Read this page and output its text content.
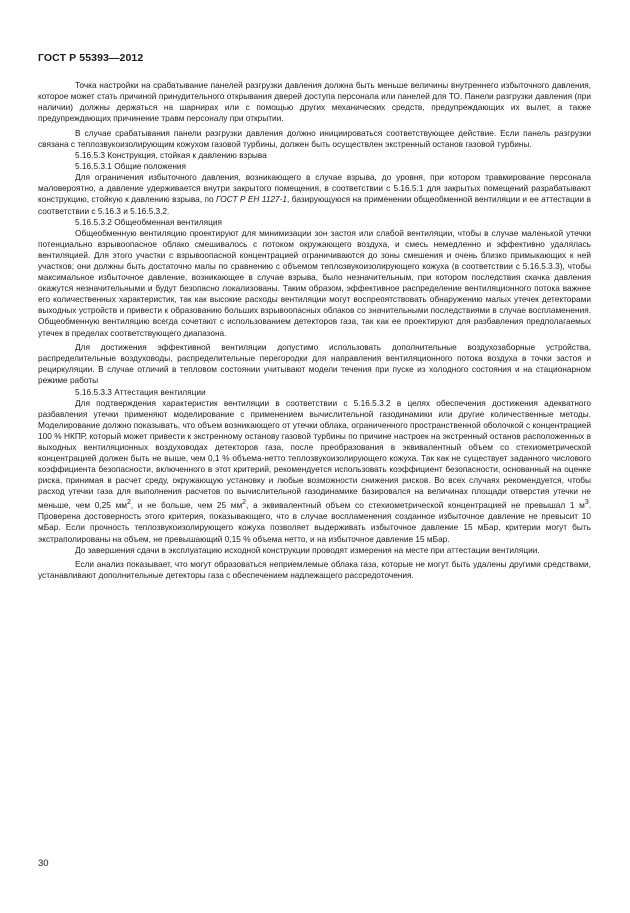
ГОСТ Р 55393—2012

Точка настройки на срабатывание панелей разгрузки давления должна быть меньше величины внутреннего избыточного давления, которое может стать причиной принудительного открывания дверей доступа персонала или панелей для ТО. Панели разгрузки давления (при наличии) должны держаться на шарнирах или с помощью других механических средств, предупреждающих их вылет, а также предупреждающих причинение травм персоналу при открытии.

В случае срабатывания панели разгрузки давления должно инициироваться соответствующее действие. Если панель разгрузки связана с теплозвукоизолирующим кожухом газовой турбины, должен быть осуществлен экстренный останов газовой турбины.

5.16.5.3 Конструкция, стойкая к давлению взрыва

5.16.5.3.1 Общие положения

Для ограничения избыточного давления, возникающего в случае взрыва, до уровня, при котором травмирование персонала маловероятно, а давление удерживается внутри закрытого помещения, в соответствии с 5.16.5.1 для закрытых помещений разрабатывают конструкцию, стойкую к давлению взрыва, по ГОСТ Р ЕН 1127-1, базирующуюся на применении общеобменной вентиляции и ее аттестации в соответствии с 5.16.3 и 5.16.5.3.2.

5.16.5.3.2 Общеобменная вентиляция

Общеобменную вентиляцию проектируют для минимизации зон застоя или слабой вентиляции, чтобы в случае маленькой утечки потенциально взрывоопасное облако смешивалось с потоком окружающего воздуха, и смесь немедленно и эффективно удалялась вентиляцией. Для этого участки с взрывоопасной концентрацией ограничиваются до зоны смешения и очень близко примыкающих к ней участков; они должны быть достаточно малы по сравнению с объемом теплозвукоизолирующего кожуха (в соответствии с 5.16.5.3.3), чтобы максимальное избыточное давление, возникающее в случае взрыва, было незначительным, при котором последствия скачка давления окажутся незначительными и будут безопасно локализованы. Таким образом, эффективное распределение вентиляционного потока важнее его количественных характеристик, так как высокие расходы вентиляции могут воспрепятствовать обнаружению малых утечек детекторами выходных устройств и привести к образованию больших взрывоопасных облаков со значительными последствиями в случае воспламенения. Общеобменную вентиляцию всегда сочетают с использованием детекторов газа, так как ее проектируют для разбавления предполагаемых утечек в пределах соответствующего диапазона.

Для достижения эффективной вентиляции допустимо использовать дополнительные воздухозаборные устройства, распределительные воздуховоды, распределительные перегородки для направления вентиляционного потока воздуха в точки застоя и рециркуляции. В случае отличий в тепловом состоянии учитывают модели течения при пуске из холодного состояния и на стационарном режиме работы

5.16.5.3.3 Аттестация вентиляции

Для подтверждения характеристик вентиляции в соответствии с 5.16.5.3.2 в целях обеспечения достижения адекватного разбавления утечки применяют моделирование с применением вычислительной газодинамики или другие количественные методы. Моделирование должно показывать, что объем возникающего от утечки облака, ограниченного пространственной оболочкой с концентрацией 100 % НКПР, который может привести к экстренному останову газовой турбины по причине настроек на экстренный останов расположенных в выходных вентиляционных воздуховодах детекторов газа, после преобразования в эквивалентный объем со стехиометрической концентрацией должен быть не выше, чем 0,1 % объема-нетто теплозвукоизолирующего кожуха. Так как не существует заданного числового коэффициента безопасности, включенного в этот критерий, рекомендуется использовать коэффициент безопасности, основанный на оценке риска, принимая в расчет среду, окружающую установку и любые возможности снижения рисков. Во всех случаях рекомендуется, чтобы расход утечки газа для выполнения расчетов по вычислительной газодинамике базировался на величинах площади отверстия утечки не меньше, чем 0,25 $мм^2$, и не больше, чем 25 $мм^2$, а эквивалентный объем со стехиометрической концентрацией не превышал 1 $м^3$. Проверена достоверность этого критерия, показывающего, что в случае воспламенения созданное избыточное давление не превысит 10 мБар. Если прочность теплозвукоизолирующего кожуха позволяет выдерживать избыточное давление 15 мБар, критерии могут быть экстраполированы на объем, не превышающий 0,15 % объема нетто, и на избыточное давление 15 мБар.

До завершения сдачи в эксплуатацию исходной конструкции проводят измерения на месте при аттестации вентиляции.

Если анализ показывает, что могут образоваться неприемлемые облака газа, которые не могут быть удалены другими средствами, устанавливают дополнительные детекторы газа с обеспечением надлежащего рассредоточения.

30
